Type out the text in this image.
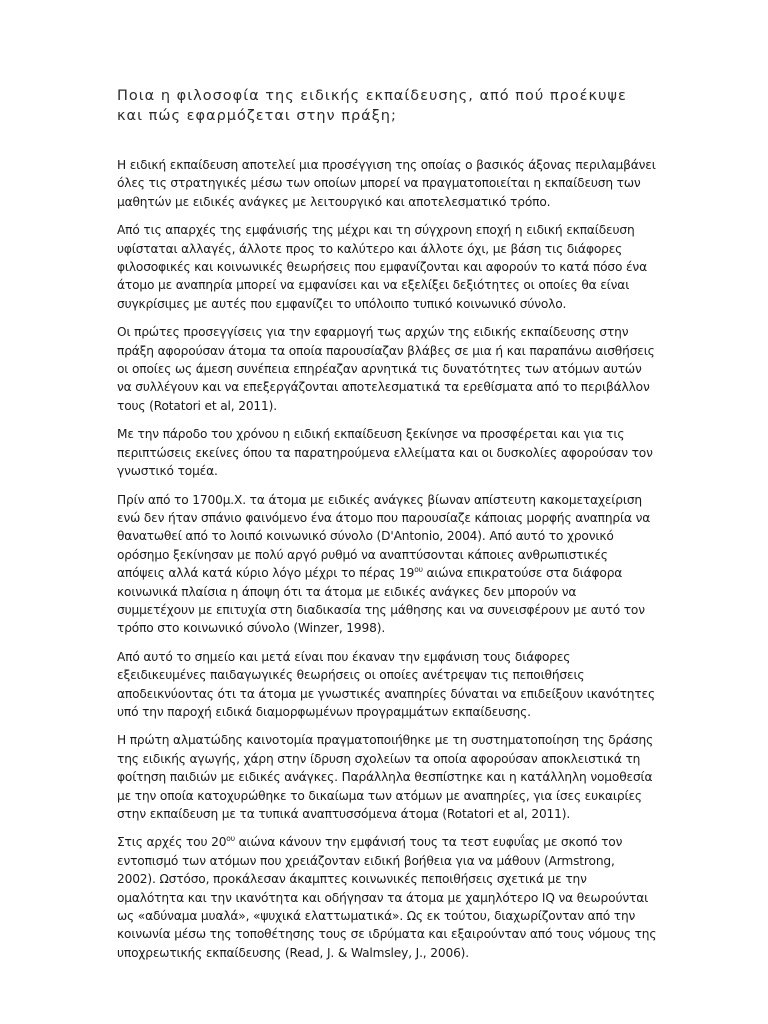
Ποια η φιλοσοφία της ειδικής εκπαίδευσης, από πού προέκυψε και πώς εφαρμόζεται στην πράξη;

Η ειδική εκπαίδευση αποτελεί μια προσέγγιση της οποίας ο βασικός άξονας περιλαμβάνει όλες τις στρατηγικές μέσω των οποίων μπορεί να πραγματοποιείται η εκπαίδευση των μαθητών με ειδικές ανάγκες με λειτουργικό και αποτελεσματικό τρόπο.

Από τις απαρχές της εμφάνισής της μέχρι και τη σύγχρονη εποχή η ειδική εκπαίδευση υφίσταται αλλαγές, άλλοτε προς το καλύτερο και άλλοτε όχι, με βάση τις διάφορες φιλοσοφικές και κοινωνικές θεωρήσεις που εμφανίζονται και αφορούν το κατά πόσο ένα άτομο με αναπηρία μπορεί να εμφανίσει και να εξελίξει δεξιότητες οι οποίες θα είναι συγκρίσιμες με αυτές που εμφανίζει το υπόλοιπο τυπικό κοινωνικό σύνολο.

Οι πρώτες προσεγγίσεις για την εφαρμογή τως αρχών της ειδικής εκπαίδευσης στην πράξη αφορούσαν άτομα τα οποία παρουσίαζαν βλάβες σε μια ή και παραπάνω αισθήσεις οι οποίες ως άμεση συνέπεια επηρέαζαν αρνητικά τις δυνατότητες των ατόμων αυτών να συλλέγουν και να επεξεργάζονται αποτελεσματικά τα ερεθίσματα από το περιβάλλον τους (Rotatori et al, 2011).

Με την πάροδο του χρόνου η ειδική εκπαίδευση ξεκίνησε να προσφέρεται και για τις περιπτώσεις εκείνες όπου τα παρατηρούμενα ελλείματα και οι δυσκολίες αφορούσαν τον γνωστικό τομέα.

Πρίν από το 1700μ.Χ. τα άτομα με ειδικές ανάγκες βίωναν απίστευτη κακομεταχείριση ενώ δεν ήταν σπάνιο φαινόμενο ένα άτομο που παρουσίαζε κάποιας μορφής αναπηρία να θανατωθεί από το λοιπό κοινωνικό σύνολο (D'Antonio, 2004). Από αυτό το χρονικό ορόσημο ξεκίνησαν με πολύ αργό ρυθμό να αναπτύσονται κάποιες ανθρωπιστικές απόψεις αλλά κατά κύριο λόγο μέχρι το πέρας $19^{o\upsilon}$ αιώνα επικρατούσε στα διάφορα κοινωνικά πλαίσια η άποψη ότι τα άτομα με ειδικές ανάγκες δεν μπορούν να συμμετέχουν με επιτυχία στη διαδικασία της μάθησης και να συνεισφέρουν με αυτό τον τρόπο στο κοινωνικό σύνολο (Winzer, 1998).

Από αυτό το σημείο και μετά είναι που έκαναν την εμφάνιση τους διάφορες εξειδικευμένες παιδαγωγικές θεωρήσεις οι οποίες ανέτρεψαν τις πεποιθήσεις αποδεικνύοντας ότι τα άτομα με γνωστικές αναπηρίες δύναται να επιδείξουν ικανότητες υπό την παροχή ειδικά διαμορφωμένων προγραμμάτων εκπαίδευσης.

Η πρώτη αλματώδης καινοτομία πραγματοποιήθηκε με τη συστηματοποίηση της δράσης της ειδικής αγωγής, χάρη στην ίδρυση σχολείων τα οποία αφορούσαν αποκλειστικά τη φοίτηση παιδιών με ειδικές ανάγκες. Παράλληλα θεσπίστηκε και η κατάλληλη νομοθεσία με την οποία κατοχυρώθηκε το δικαίωμα των ατόμων με αναπηρίες, για ίσες ευκαιρίες στην εκπαίδευση με τα τυπικά αναπτυσσόμενα άτομα (Rotatori et al, 2011).

Στις αρχές του $20^{o\upsilon}$ αιώνα κάνουν την εμφάνισή τους τα τεστ ευφυΐας με σκοπό τον εντοπισμό των ατόμων που χρειάζονταν ειδική βοήθεια για να μάθουν (Armstrong, 2002). Ωστόσο, προκάλεσαν άκαμπτες κοινωνικές πεποιθήσεις σχετικά με την ομαλότητα και την ικανότητα και οδήγησαν τα άτομα με χαμηλότερο IQ να θεωρούνται ως «αδύναμα μυαλά», «ψυχικά ελαττωματικά». Ως εκ τούτου, διαχωρίζονταν από την κοινωνία μέσω της τοποθέτησης τους σε ιδρύματα και εξαιρούνταν από τους νόμους της υποχρεωτικής εκπαίδευσης (Read, J. & Walmsley, J., 2006).
